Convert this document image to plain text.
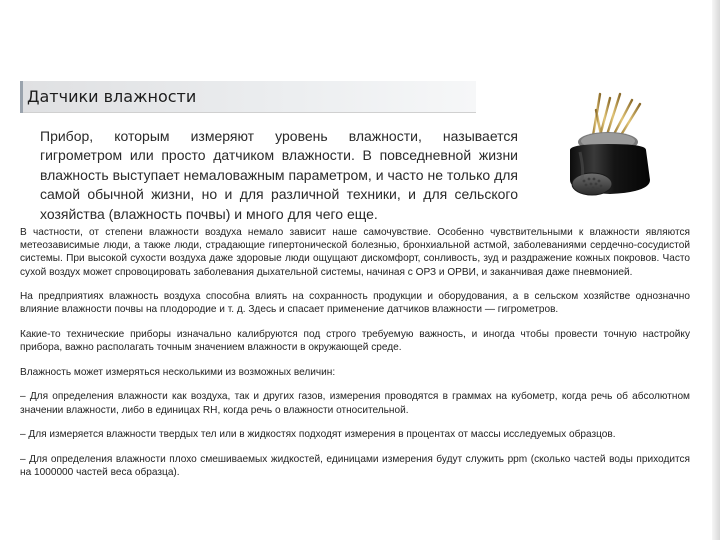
Датчики влажности
Прибор, которым измеряют уровень влажности, называется гигрометром или просто датчиком влажности. В повседневной жизни влажность выступает немаловажным параметром, и часто не только для самой обычной жизни, но и для различной техники, и для сельского хозяйства (влажность почвы) и много для чего еще.

В частности, от степени влажности воздуха немало зависит наше самочувствие. Особенно чувствительными к влажности являются метеозависимые люди, а также люди, страдающие гипертонической болезнью, бронхиальной астмой, заболеваниями сердечно-сосудистой системы. При высокой сухости воздуха даже здоровые люди ощущают дискомфорт, сонливость, зуд и раздражение кожных покровов. Часто сухой воздух может спровоцировать заболевания дыхательной системы, начиная с ОРЗ и ОРВИ, и заканчивая даже пневмонией.

На предприятиях влажность воздуха способна влиять на сохранность продукции и оборудования, а в сельском хозяйстве однозначно влияние влажности почвы на плодородие и т. д. Здесь и спасает применение датчиков влажности — гигрометров.

Какие-то технические приборы изначально калибруются под строго требуемую важность, и иногда чтобы провести точную настройку прибора, важно располагать точным значением влажности в окружающей среде.

Влажность может измеряться несколькими из возможных величин:

– Для определения влажности как воздуха, так и других газов, измерения проводятся в граммах на кубометр, когда речь об абсолютном значении влажности, либо в единицах RH, когда речь о влажности относительной.

– Для измеряется влажности твердых тел или в жидкостях подходят измерения в процентах от массы исследуемых образцов.

– Для определения влажности плохо смешиваемых жидкостей, единицами измерения будут служить ppm (сколько частей воды приходится на 1000000 частей веса образца).
